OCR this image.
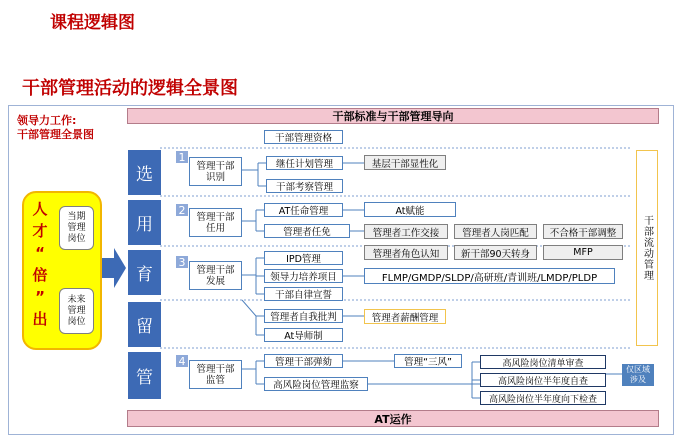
课程逻辑图
干部管理活动的逻辑全景图
领导力工作:
干部管理全景图
干部标准与干部管理导向
AT运作
人
才
“
倍
”
出
当期
管理
岗位
未来
管理
岗位
选
用
育
留
管
1
管理干部
识别
2
管理干部
任用
3
管理干部
发展
4
管理干部
监管
干部管理资格
继任计划管理
干部考察管理
基层干部显性化
AT任命管理	At赋能
管理者任免	管理者工作交接	管理者人岗匹配	不合格干部调整
管理者角色认知	新干部90天转身	MFP
IPD管理
领导力培养项目	FLMP/GMDP/SLDP/高研班/青训班/LMDP/PLDP
干部自律宣誓
管理者自我批判	管理者薪酬管理
At导师制
管理干部弹劾	管理“三风”
高风险岗位管理监察
高风险岗位清单审查
高风险岗位半年度自查
高风险岗位半年度向下检查
干部流动管理
仅区域
涉及
